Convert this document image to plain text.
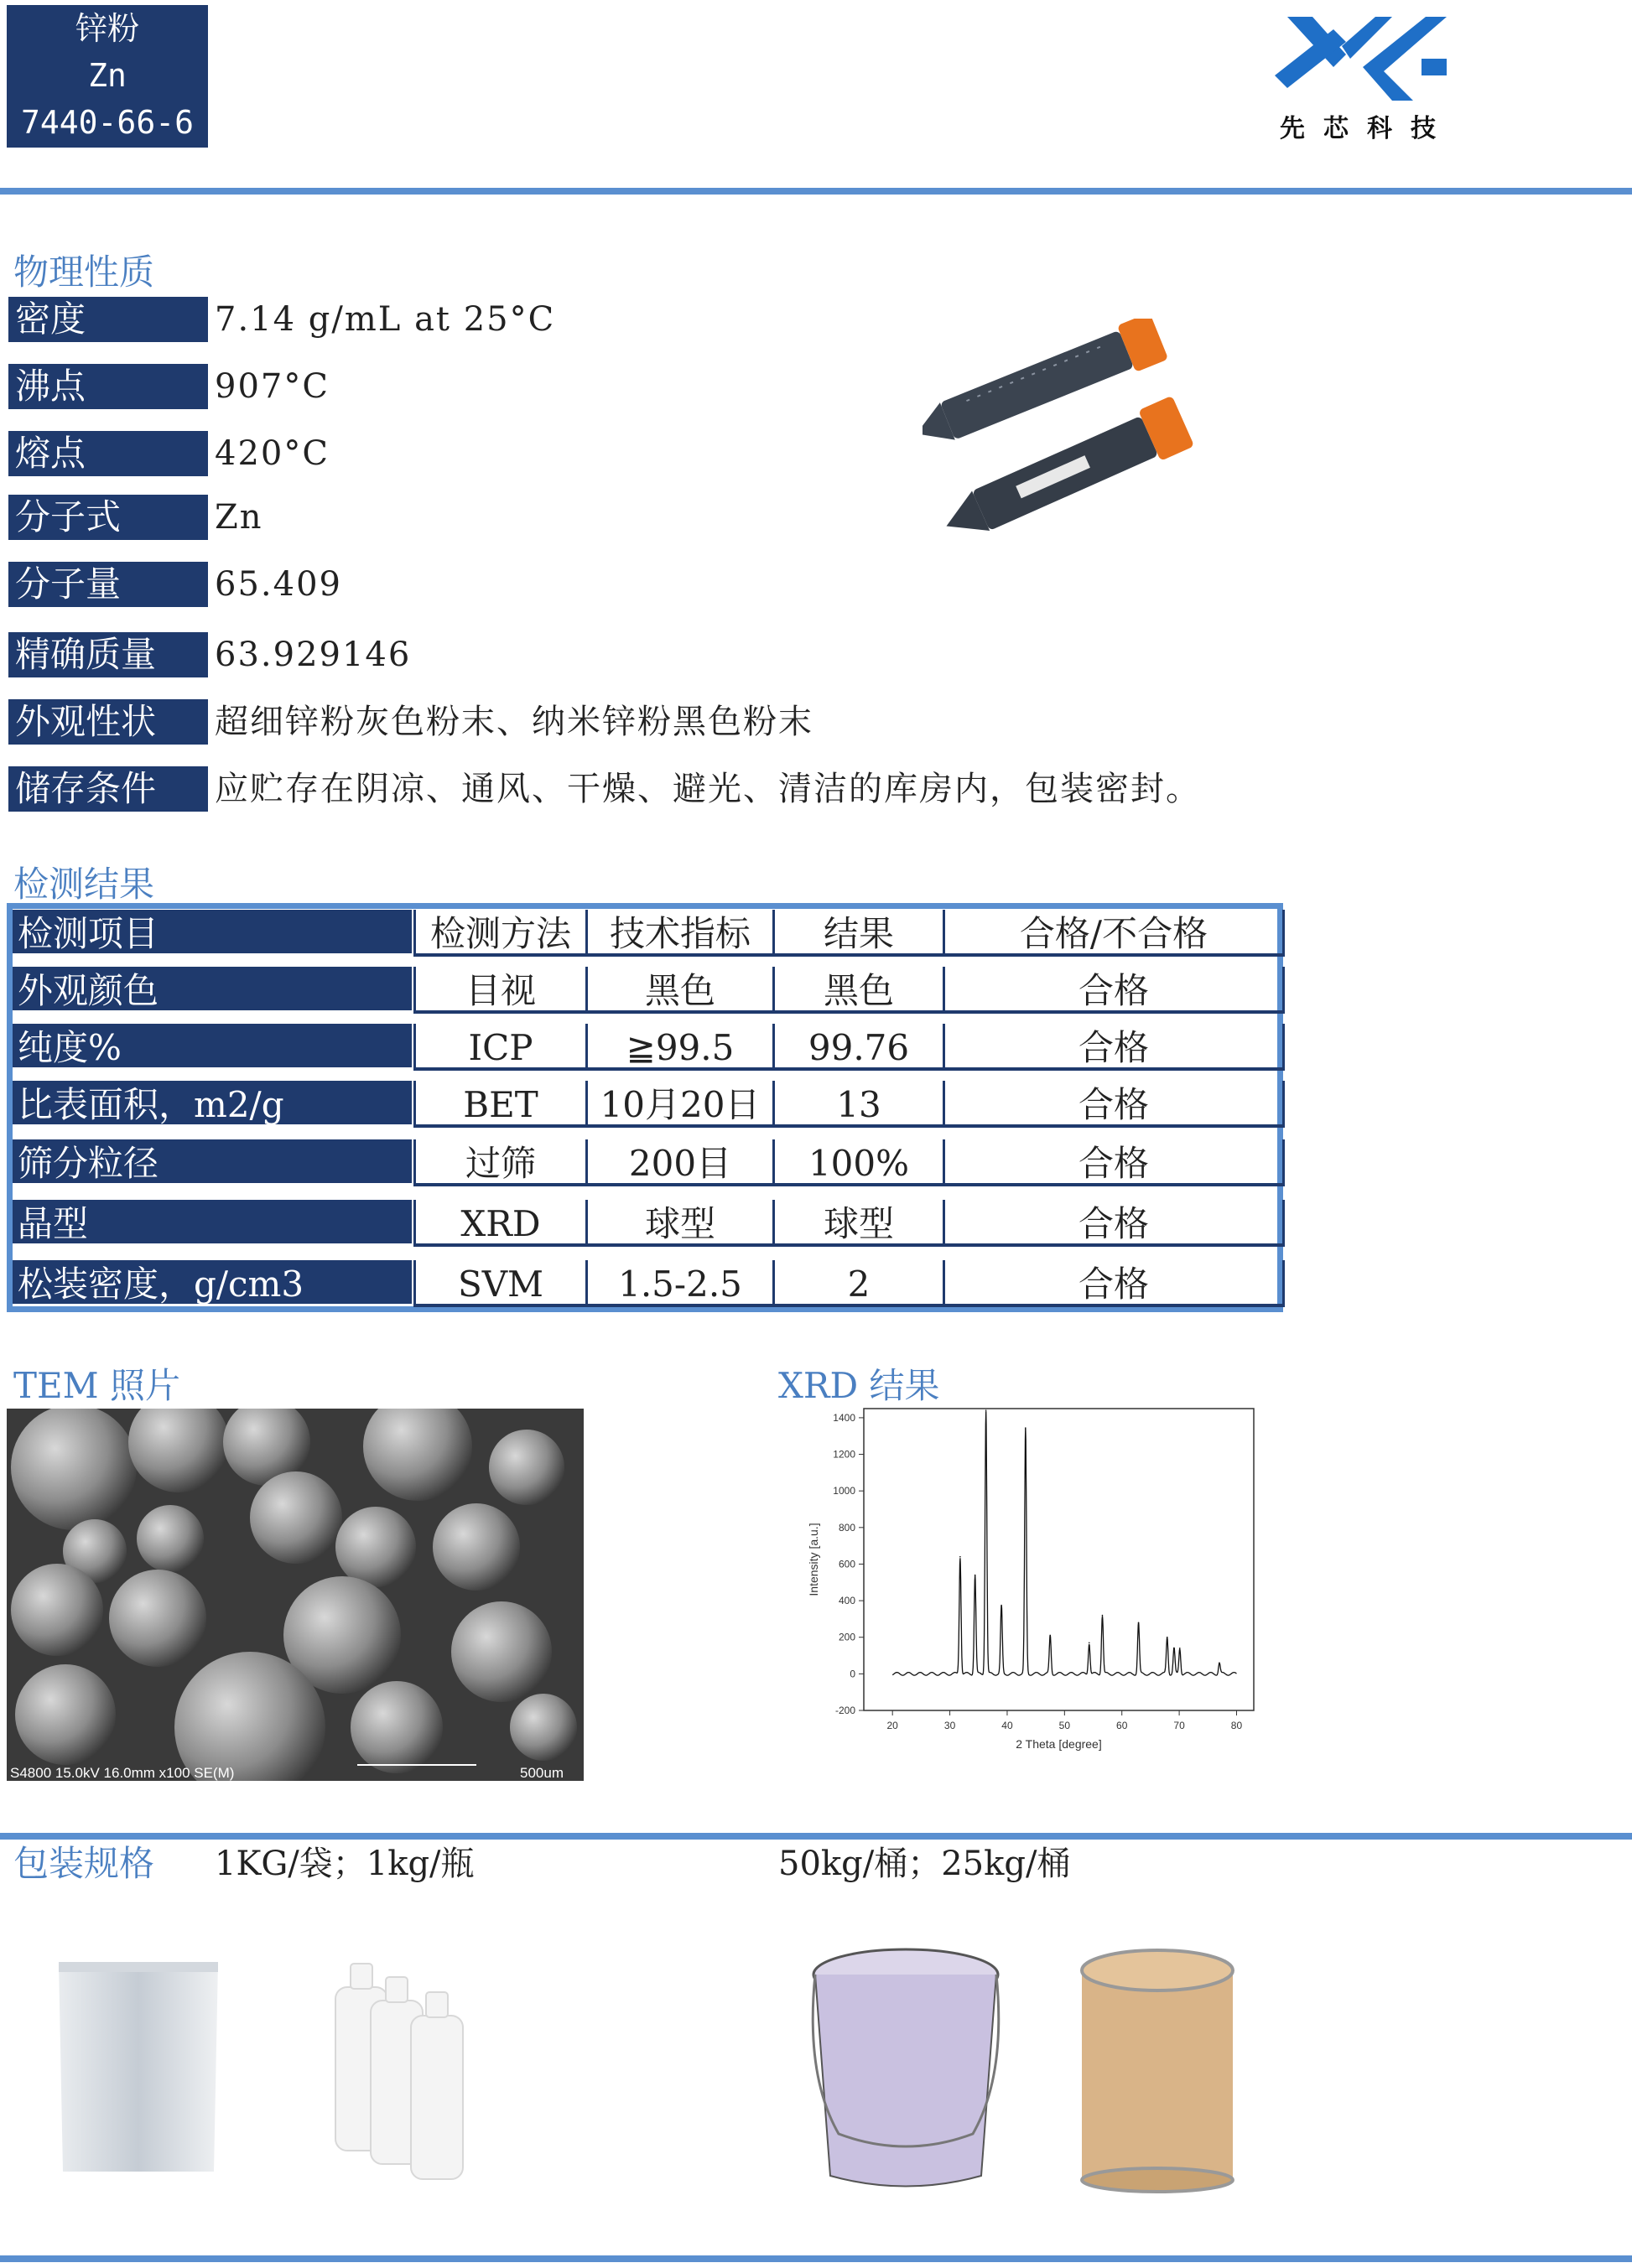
锌粉
Zn
7440-66-6	先芯科技
物理性质
密度	7.14 g/mL at 25°C
沸点	907°C
熔点	420°C
分子式	Zn
分子量	65.409
精确质量	63.929146
外观性状	超细锌粉灰色粉末、纳米锌粉黑色粉末
储存条件	应贮存在阴凉、通风、干燥、避光、清洁的库房内，包装密封。
检测结果
检测项目	检测方法	技术指标	结果	合格/不合格
外观颜色	目视	黑色	黑色	合格
纯度%	ICP	≧99.5	99.76	合格
比表面积，m2/g	BET	10月20日	13	合格
筛分粒径	过筛	200目	100%	合格
晶型	XRD	球型	球型	合格
松装密度，g/cm3	SVM	1.5-2.5	2	合格
TEM 照片
S4800 15.0kV 16.0mm x100 SE(M)	500um
XRD 结果
20	30	40	50	60	70	80
-200
0
200
400
600
800
1000
1200
1400
2 Theta [degree]
Intensity [a.u.]
包装规格 1KG/袋；1kg/瓶	50kg/桶；25kg/桶
